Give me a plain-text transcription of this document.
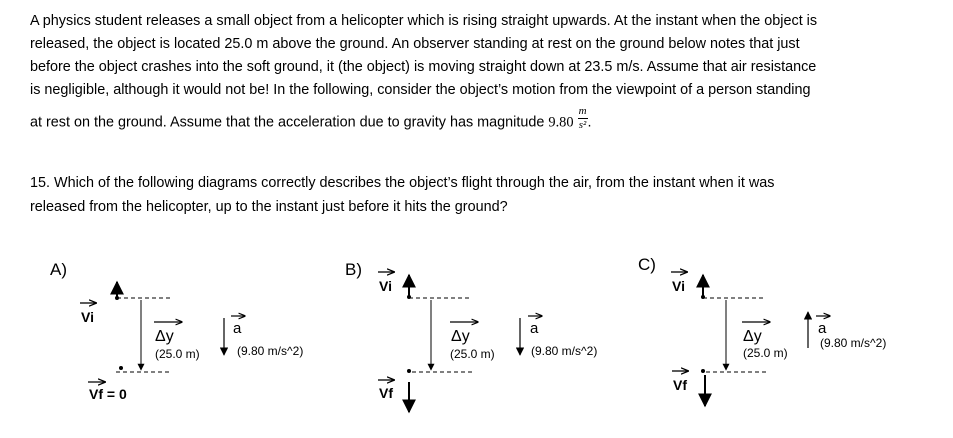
A physics student releases a small object from a helicopter which is rising straight upwards. At the instant when the object is

released, the object is located 25.0 m above the ground. An observer standing at rest on the ground below notes that just

before the object crashes into the soft ground, it (the object) is moving straight down at 23.5 m/s. Assume that air resistance

is negligible, although it would not be! In the following, consider the object’s motion from the viewpoint of a person standing

at rest on the ground. Assume that the acceleration due to gravity has magnitude $9.80 \frac{m}{\text{s²}}$ .

15. Which of the following diagrams correctly describes the object’s flight through the air, from the instant when it was

released from the helicopter, up to the instant just before it hits the ground?

A)
Vi
Δy
(25.0 m)
a
(9.80 m/s^2)
Vf = 0
B)
Vi
Δy
(25.0 m)
a
(9.80 m/s^2)
Vf
C)
Vi
Δy
(25.0 m)
a
(9.80 m/s^2)
Vf
